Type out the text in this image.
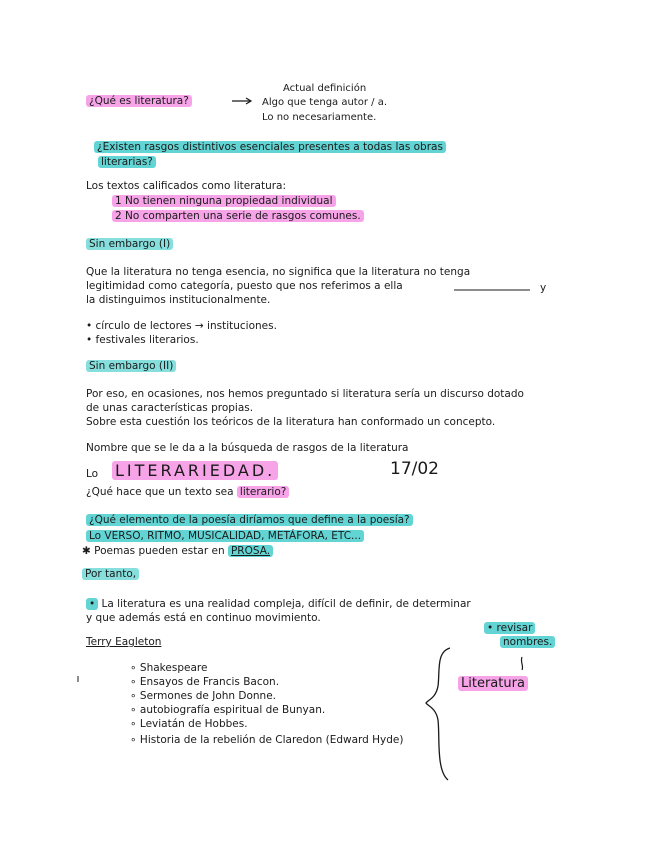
¿Qué es literatura?
Actual definición
Algo que tenga autor / a.
Lo no necesariamente.
¿Existen rasgos distintivos esenciales presentes a todas las obras
literarias?
Los textos calificados como literatura:
1 No tienen ninguna propiedad individual
2 No comparten una serie de rasgos comunes.
Sin embargo (I)
Que la literatura no tenga esencia, no significa que la literatura no tenga
legitimidad como categoría, puesto que nos referimos a ella	y
la distinguimos institucionalmente.
• círculo de lectores → instituciones.
• festivales literarios.
Sin embargo (II)
Por eso, en ocasiones, nos hemos preguntado si literatura sería un discurso dotado
de unas características propias.
Sobre esta cuestión los teóricos de la literatura han conformado un concepto.
Nombre que se le da a la búsqueda de rasgos de la literatura
Lo LITERARIEDAD.	17/02
¿Qué hace que un texto sea literario?
¿Qué elemento de la poesía diríamos que define a la poesía?
Lo VERSO, RITMO, MUSICALIDAD, METÁFORA, ETC...
✱ Poemas pueden estar en PROSA.
Por tanto,
• La literatura es una realidad compleja, difícil de definir, de determinar
y que además está en continuo movimiento.
• revisar
nombres.
Literatura
Terry Eagleton
∘ Shakespeare
∘ Ensayos de Francis Bacon.
∘ Sermones de John Donne.
∘ autobiografía espiritual de Bunyan.
∘ Leviatán de Hobbes.
∘ Historia de la rebelión de Claredon (Edward Hyde)
